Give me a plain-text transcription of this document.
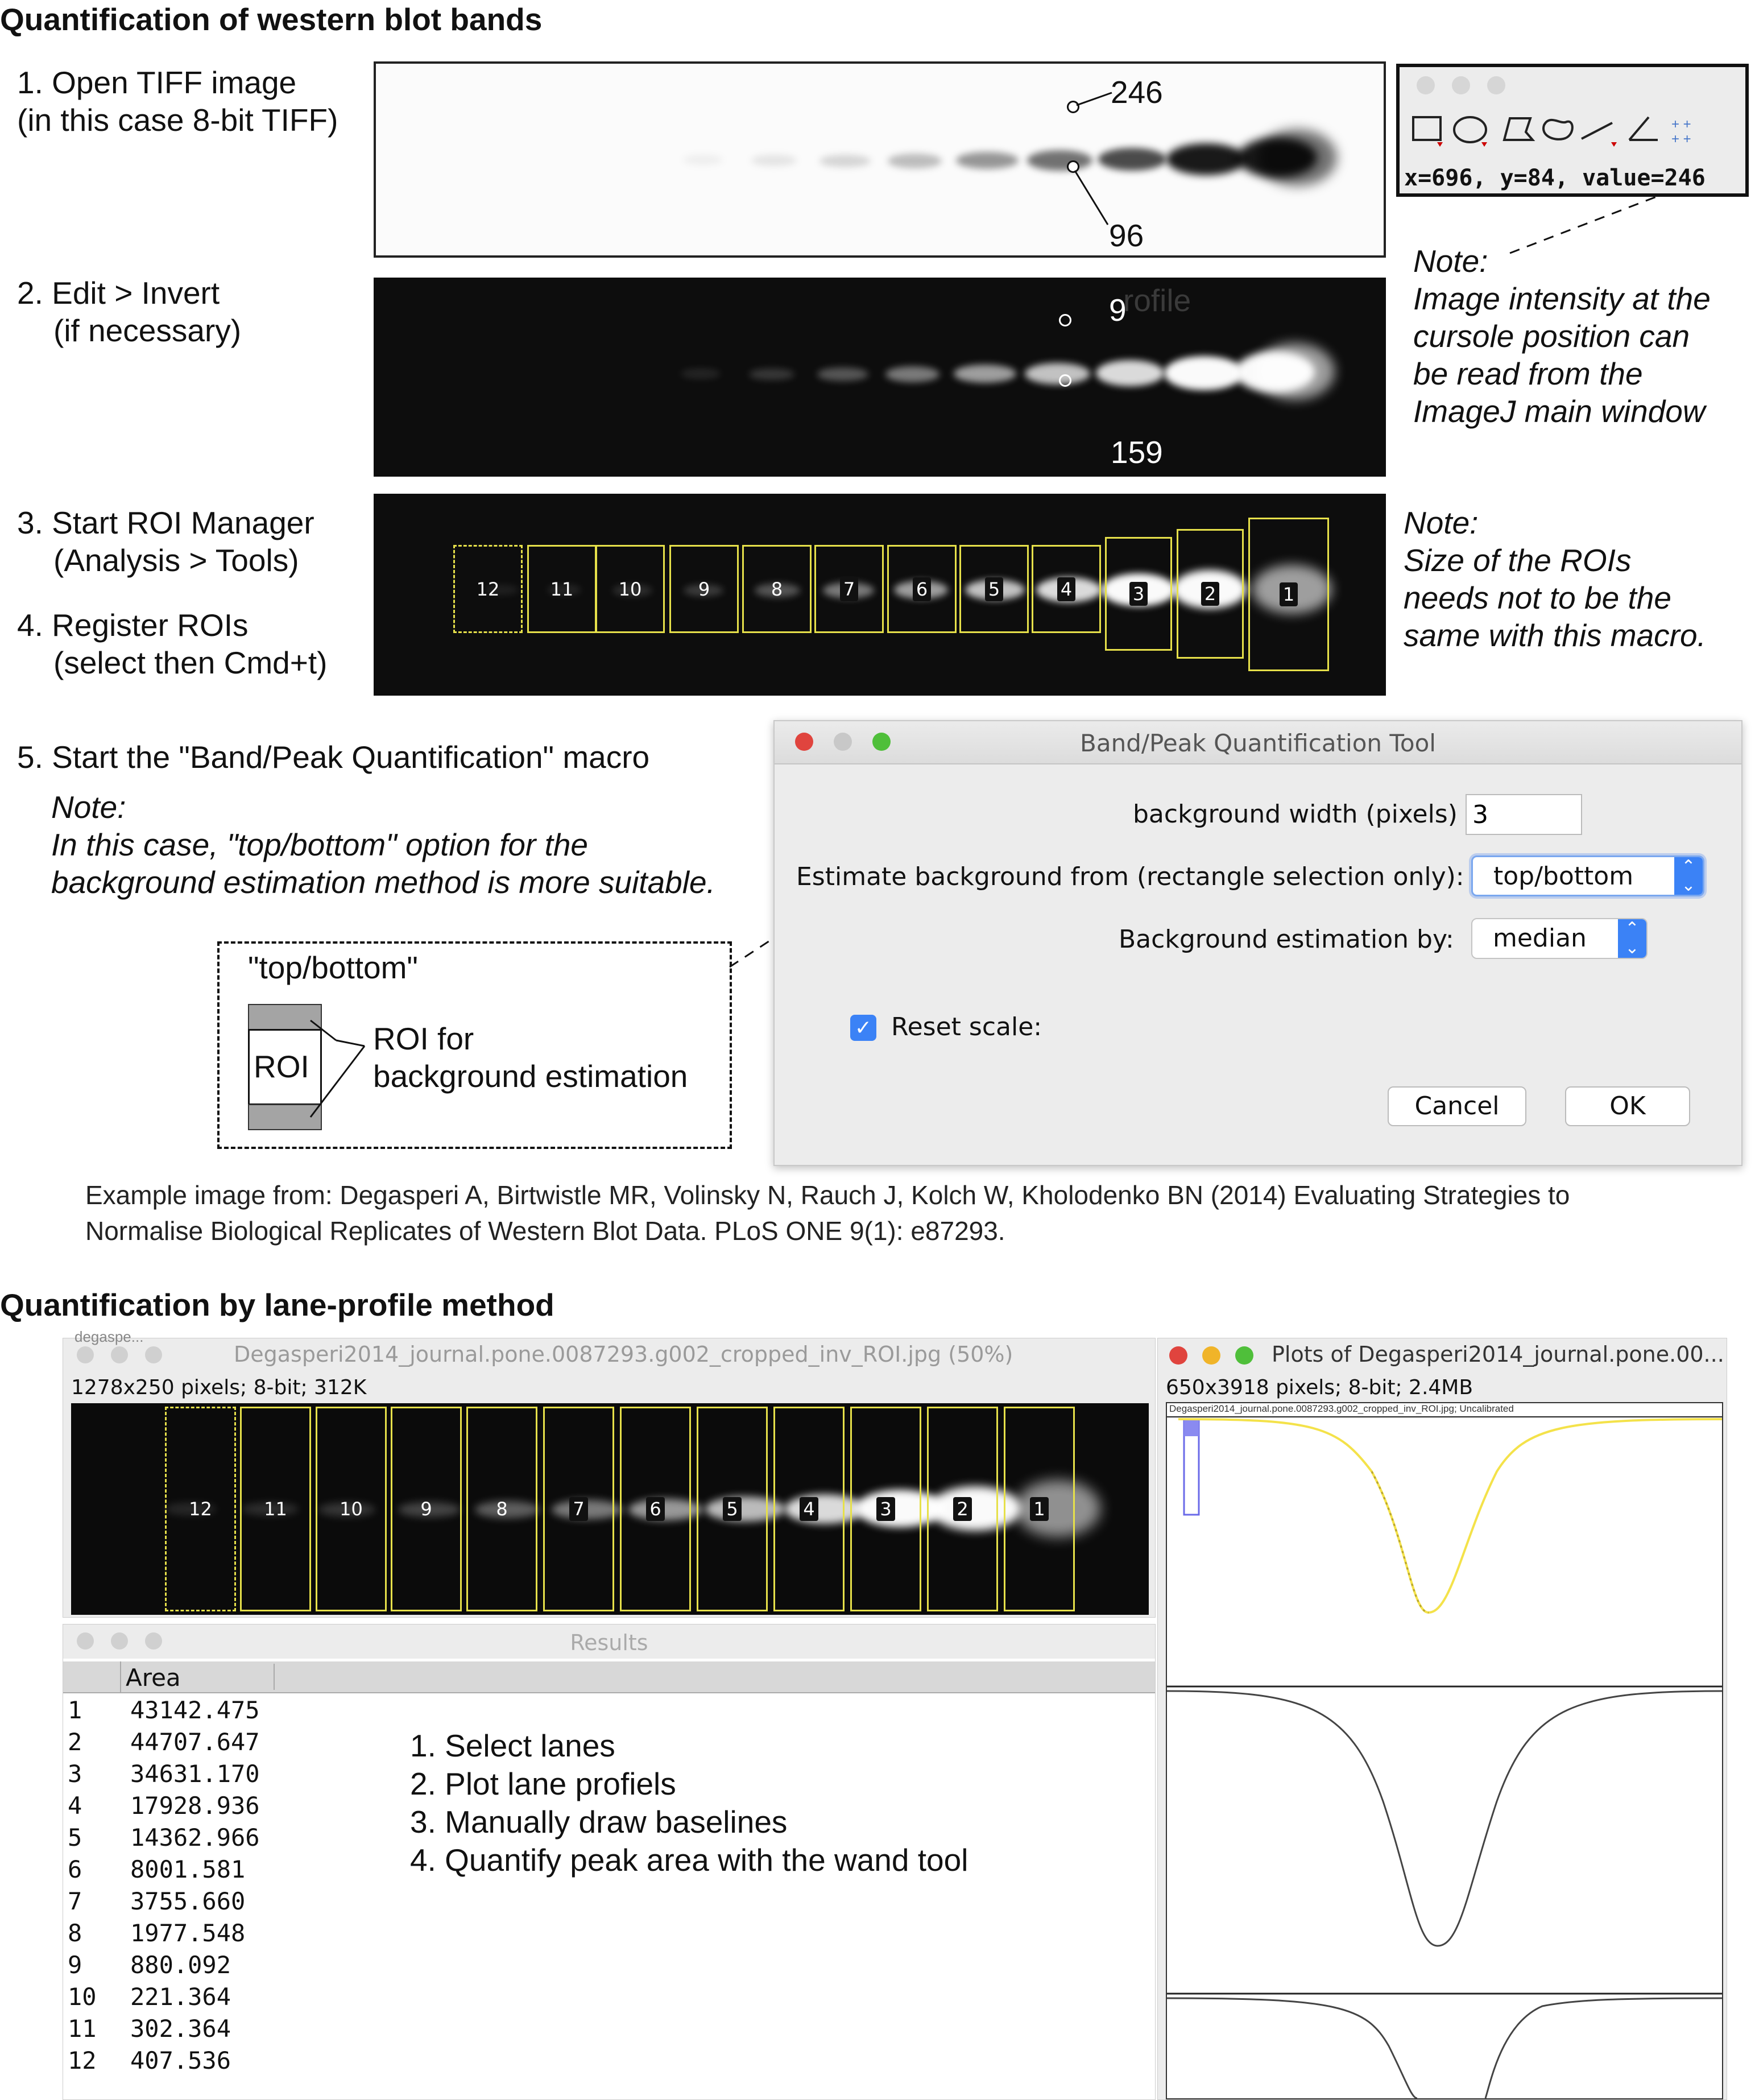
Quantification of western blot bands
1. Open TIFF image
(in this case 8-bit TIFF)
2. Edit > Invert
(if necessary)
3. Start ROI Manager
(Analysis > Tools)
4. Register ROIs
(select then Cmd+t)
246
96
rofile
9
159
12	11	10	9	8	7	6	5	4	3	2	1
+ +
+ +
x=696, y=84, value=246
Note:
Image intensity at the
cursole position can
be read from the
ImageJ main window
Note:
Size of the ROIs
needs not to be the
same with this macro.
5. Start the "Band/Peak Quantification" macro
Note:
In this case, "top/bottom" option for the
background estimation method is more suitable.
"top/bottom"
ROI
ROI for
background estimation
Band/Peak Quantification Tool
background width (pixels)
3
Estimate background from (rectangle selection only): top/bottom	⌃
⌄
Background estimation by: median	⌃
⌄
✓ Reset scale:
Cancel	OK
Example image from: Degasperi A, Birtwistle MR, Volinsky N, Rauch J, Kolch W, Kholodenko BN (2014) Evaluating Strategies to
Normalise Biological Replicates of Western Blot Data. PLoS ONE 9(1): e87293.
Quantification by lane-profile method
degaspe...
Degasperi2014_journal.pone.0087293.g002_cropped_inv_ROI.jpg (50%)
1278x250 pixels; 8-bit; 312K
12	11	10	9	8	7	6	5	4	3	2	1
Results
Area
1 43142.475
2 44707.647
3 34631.170
4 17928.936
5 14362.966
6 8001.581
7 3755.660
8 1977.548
9 880.092
10 221.364
11 302.364
12 407.536
1. Select lanes
2. Plot lane profiels
3. Manually draw baselines
4. Quantify peak area with the wand tool
Plots of Degasperi2014_journal.pone.00...
650x3918 pixels; 8-bit; 2.4MB
Degasperi2014_journal.pone.0087293.g002_cropped_inv_ROI.jpg; Uncalibrated
